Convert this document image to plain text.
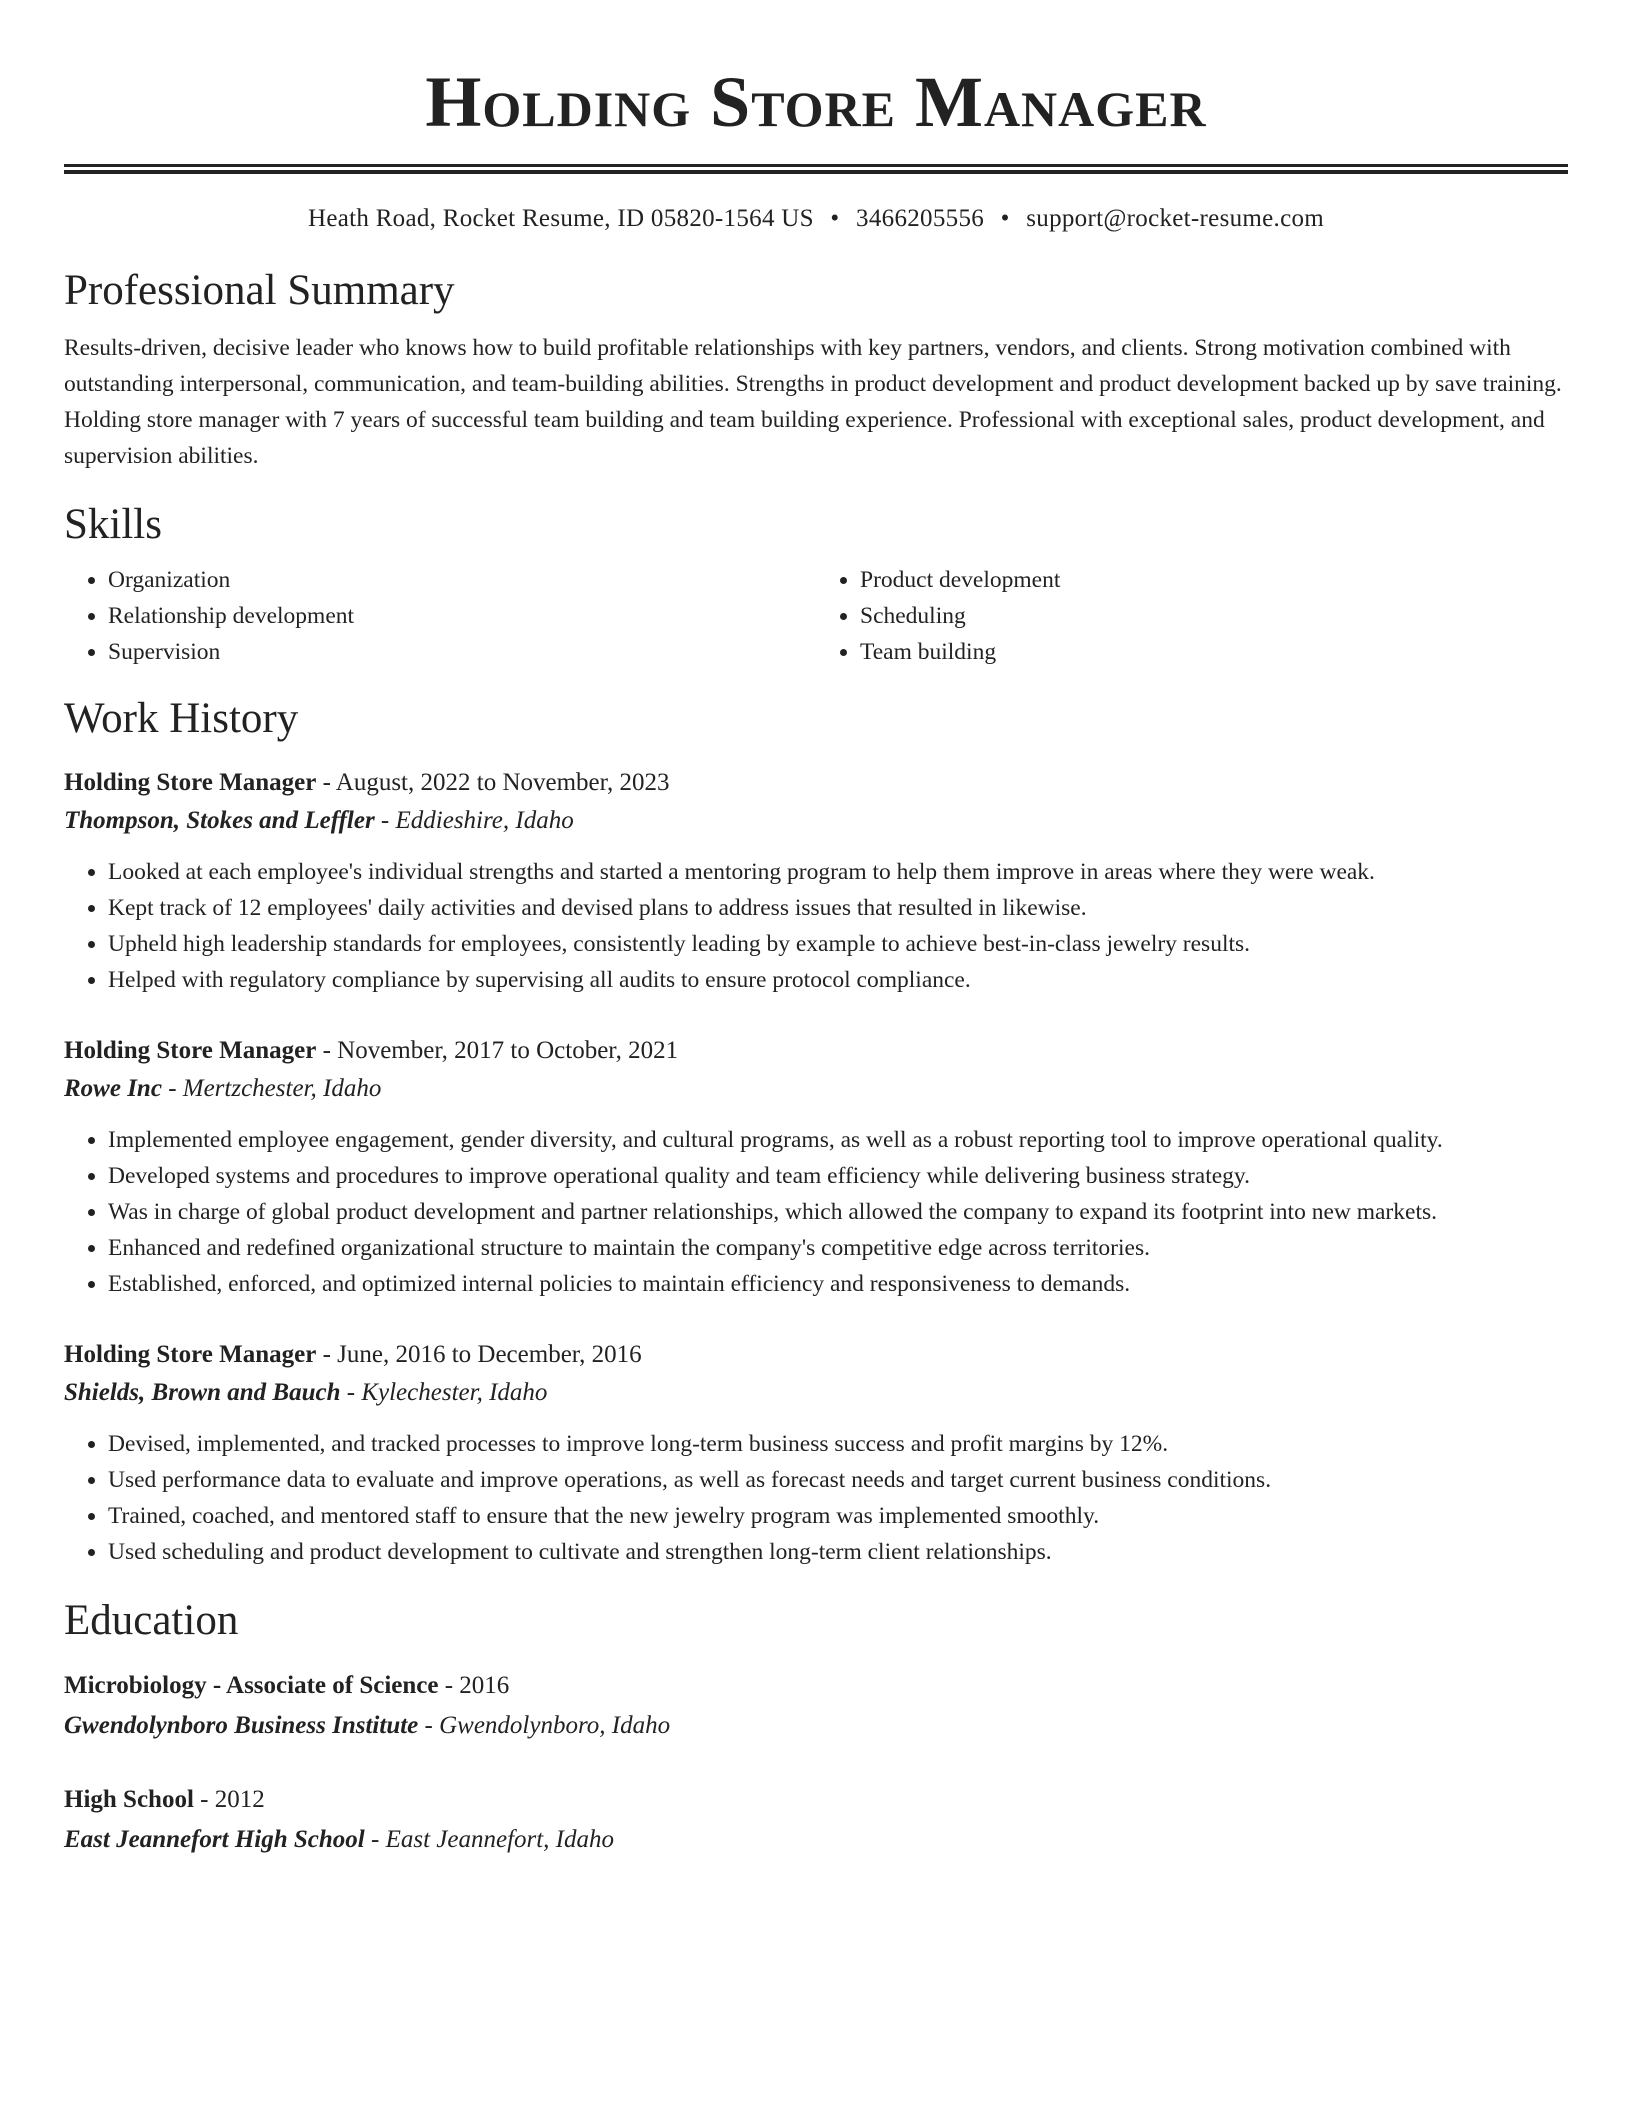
Holding Store Manager
Heath Road, Rocket Resume, ID 05820-1564 US • 3466205556 • support@rocket-resume.com
Professional Summary

Results-driven, decisive leader who knows how to build profitable relationships with key partners, vendors, and clients. Strong motivation combined with outstanding interpersonal, communication, and team-building abilities. Strengths in product development and product development backed up by save training. Holding store manager with 7 years of successful team building and team building experience. Professional with exceptional sales, product development, and supervision abilities.

Skills
• Organization
• Relationship development
• Supervision
• Product development
• Scheduling
• Team building
Work History
Holding Store Manager - August, 2022 to November, 2023
Thompson, Stokes and Leffler - Eddieshire, Idaho
• Looked at each employee's individual strengths and started a mentoring program to help them improve in areas where they were weak.
• Kept track of 12 employees' daily activities and devised plans to address issues that resulted in likewise.
• Upheld high leadership standards for employees, consistently leading by example to achieve best-in-class jewelry results.
• Helped with regulatory compliance by supervising all audits to ensure protocol compliance.
Holding Store Manager - November, 2017 to October, 2021
Rowe Inc - Mertzchester, Idaho
• Implemented employee engagement, gender diversity, and cultural programs, as well as a robust reporting tool to improve operational quality.
• Developed systems and procedures to improve operational quality and team efficiency while delivering business strategy.
• Was in charge of global product development and partner relationships, which allowed the company to expand its footprint into new markets.
• Enhanced and redefined organizational structure to maintain the company's competitive edge across territories.
• Established, enforced, and optimized internal policies to maintain efficiency and responsiveness to demands.
Holding Store Manager - June, 2016 to December, 2016
Shields, Brown and Bauch - Kylechester, Idaho
• Devised, implemented, and tracked processes to improve long-term business success and profit margins by 12%.
• Used performance data to evaluate and improve operations, as well as forecast needs and target current business conditions.
• Trained, coached, and mentored staff to ensure that the new jewelry program was implemented smoothly.
• Used scheduling and product development to cultivate and strengthen long-term client relationships.
Education
Microbiology - Associate of Science - 2016
Gwendolynboro Business Institute - Gwendolynboro, Idaho
High School - 2012
East Jeannefort High School - East Jeannefort, Idaho
